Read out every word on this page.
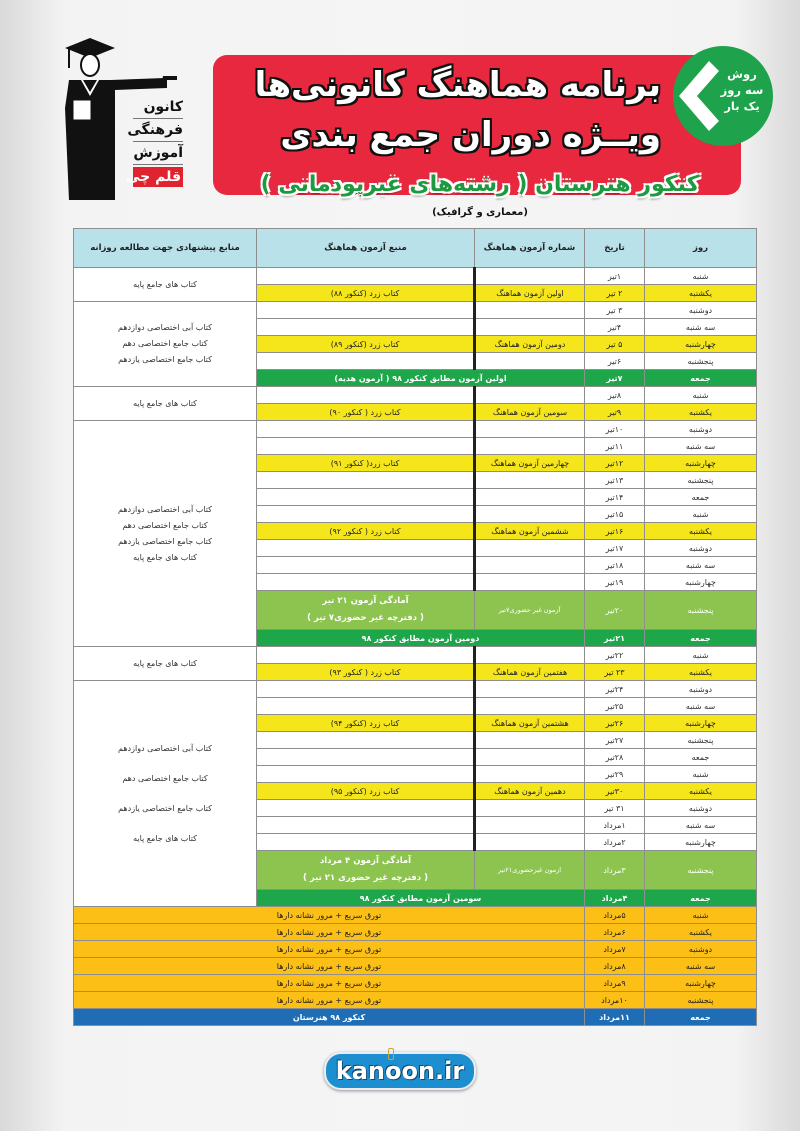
کانون
فرهنگی
آموزش
قلم چی
برنامه هماهنگ کانونی‌ها
ویــژه دوران جمع بندی
روش
سه روز
یک بار
کنکور هنرستان ( رشته‌های غیرپودمانی )
(معماری و گرافیک)
روز	تاریخ	شماره آزمون هماهنگ	منبع آزمون هماهنگ	منابع پیشنهادی جهت مطالعه روزانه
شنبه	۱تیر			کتاب های جامع پایه
یکشنبه	۲ تیر	اولین آزمون هماهنگ	کتاب زرد (کنکور ۸۸)	
دوشنبه	۳ تیر			کتاب آبی اختصاصی دوازدهم
کتاب جامع اختصاصی دهم
کتاب جامع اختصاصی یازدهم

سه شنبه	۴تیر			
چهارشنبه	۵ تیر	دومین آزمون هماهنگ	کتاب زرد (کنکور ۸۹)	
پنجشنبه	۶تیر			
جمعه	۷تیر	اولین آزمون مطابق کنکور ۹۸ ( آزمون هدیه)		
شنبه	۸تیر			کتاب های جامع پایه
یکشنبه	۹تیر	سومین آزمون هماهنگ	کتاب زرد ( کنکور ۹۰)	
دوشنبه	۱۰تیر			کتاب آبی اختصاصی دوازدهم
کتاب جامع اختصاصی دهم
کتاب جامع اختصاصی یازدهم
کتاب های جامع پایه

سه شنبه	۱۱تیر			
چهارشنبه	۱۲تیر	چهارمین آزمون هماهنگ	کتاب زرد( کنکور ۹۱)	
پنجشنبه	۱۳تیر			
جمعه	۱۴تیر			
شنبه	۱۵تیر			
یکشنبه	۱۶تیر	ششمین آزمون هماهنگ	کتاب زرد ( کنکور ۹۲)	
دوشنبه	۱۷تیر			
سه شنبه	۱۸تیر			
چهارشنبه	۱۹تیر			
پنجشنبه	۲۰تیر	آزمون غیر حضوری۷تیر	آمادگی آزمون ۲۱ تیر
( دفترچه غیر حضوری۷ تیر )	

جمعه	۲۱تیر	دومین آزمون مطابق کنکور ۹۸		
شنبه	۲۲تیر			کتاب های جامع پایه
یکشنبه	۲۳ تیر	هفتمین آزمون هماهنگ	کتاب زرد ( کنکور ۹۳)	
دوشنبه	۲۴تیر			کتاب آبی اختصاصی دوازدهم
کتاب جامع اختصاصی دهم
کتاب جامع اختصاصی یازدهم
کتاب های جامع پایه

سه شنبه	۲۵تیر			
چهارشنبه	۲۶تیر	هشتمین آزمون هماهنگ	کتاب زرد (کنکور ۹۴)	
پنجشنبه	۲۷تیر			
جمعه	۲۸تیر			
شنبه	۲۹تیر			
یکشنبه	۳۰تیر	دهمین آزمون هماهنگ	کتاب زرد (کنکور ۹۵)	
دوشنبه	۳۱ تیر			
سه شنبه	۱مرداد			
چهارشنبه	۲مرداد			
پنجشنبه	۳مرداد	ازمون غیرحضوری۲۱تیر	آمادگی آزمون ۴ مرداد
( دفترچه غیر حضوری ۲۱ تیر )	

جمعه	۴مرداد	سومین آزمون مطابق کنکور ۹۸		
شنبه	۵مرداد	تورق سریع + مرور نشانه دارها		
یکشنبه	۶مرداد	تورق سریع + مرور نشانه دارها		
دوشنبه	۷مرداد	تورق سریع + مرور نشانه دارها		
سه شنبه	۸مرداد	تورق سریع + مرور نشانه دارها		
چهارشنبه	۹مرداد	تورق سریع + مرور نشانه دارها		
پنجشنبه	۱۰مرداد	تورق سریع + مرور نشانه دارها		
جمعه	۱۱مرداد	کنکور ۹۸ هنرستان		
kanoon.ir
